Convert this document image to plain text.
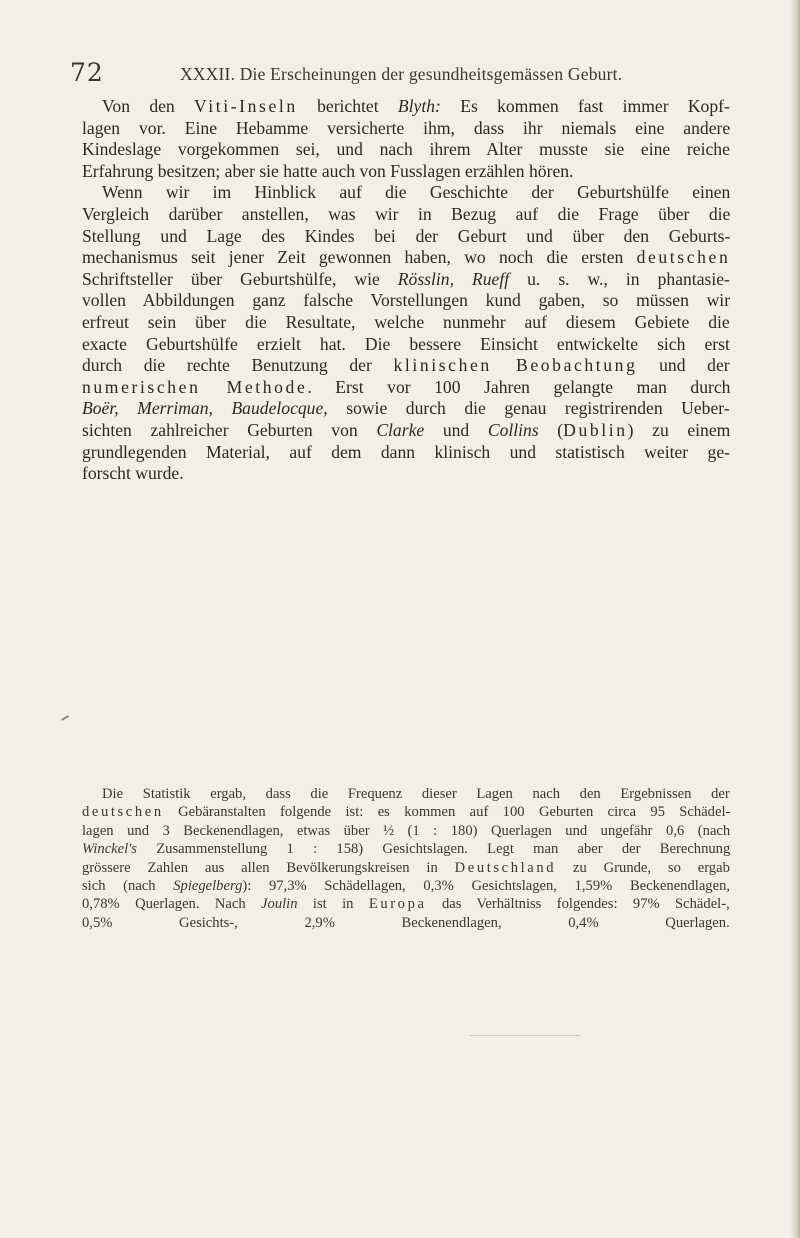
72	XXXII. Die Erscheinungen der gesundheitsgemässen Geburt.

Von den Viti-Inseln berichtet Blyth: Es kommen fast immer Kopf-
lagen vor. Eine Hebamme versicherte ihm, dass ihr niemals eine andere
Kindeslage vorgekommen sei, und nach ihrem Alter musste sie eine reiche
Erfahrung besitzen; aber sie hatte auch von Fusslagen erzählen hören.

Wenn wir im Hinblick auf die Geschichte der Geburtshülfe einen
Vergleich darüber anstellen, was wir in Bezug auf die Frage über die
Stellung und Lage des Kindes bei der Geburt und über den Geburts-
mechanismus seit jener Zeit gewonnen haben, wo noch die ersten deutschen
Schriftsteller über Geburtshülfe, wie Rösslin, Rueff u. s. w., in phantasie-
vollen Abbildungen ganz falsche Vorstellungen kund gaben, so müssen wir
erfreut sein über die Resultate, welche nunmehr auf diesem Gebiete die
exacte Geburtshülfe erzielt hat. Die bessere Einsicht entwickelte sich erst
durch die rechte Benutzung der klinischen Beobachtung und der
numerischen Methode. Erst vor 100 Jahren gelangte man durch
Boër, Merriman, Baudelocque, sowie durch die genau registrirenden Ueber-
sichten zahlreicher Geburten von Clarke und Collins (Dublin) zu einem
grundlegenden Material, auf dem dann klinisch und statistisch weiter ge-
forscht wurde.

Die Statistik ergab, dass die Frequenz dieser Lagen nach den Ergebnissen der
deutschen Gebäranstalten folgende ist: es kommen auf 100 Geburten circa 95 Schädel-
lagen und 3 Beckenendlagen, etwas über ½ (1 : 180) Querlagen und ungefähr 0,6 (nach
Winckel's Zusammenstellung 1 : 158) Gesichtslagen. Legt man aber der Berechnung
grössere Zahlen aus allen Bevölkerungskreisen in Deutschland zu Grunde, so ergab
sich (nach Spiegelberg): 97,3% Schädellagen, 0,3% Gesichtslagen, 1,59% Beckenendlagen,
0,78% Querlagen. Nach Joulin ist in Europa das Verhältniss folgendes: 97% Schädel-,
0,5% Gesichts-, 2,9% Beckenendlagen, 0,4% Querlagen.
